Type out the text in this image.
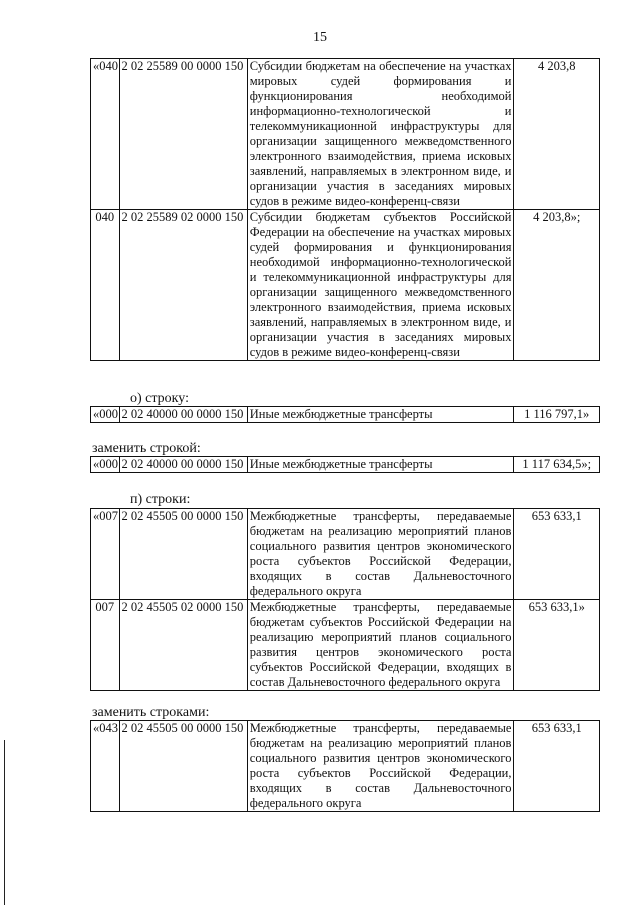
15
«040	2 02 25589 00 0000 150	Субсидии бюджетам на обеспечение на участках мировых судей формирования и функционирования необходимой информационно-технологической и телекоммуникационной инфраструктуры для организации защищенного межведомственного электронного взаимодействия, приема исковых заявлений, направляемых в электронном виде, и организации участия в заседаниях мировых судов в режиме видео-конференц-связи	4 203,8
040	2 02 25589 02 0000 150	Субсидии бюджетам субъектов Российской Федерации на обеспечение на участках мировых судей формирования и функционирования необходимой информационно-технологической и телекоммуникационной инфраструктуры для организации защищенного межведомственного электронного взаимодействия, приема исковых заявлений, направляемых в электронном виде, и организации участия в заседаниях мировых судов в режиме видео-конференц-связи	4 203,8»;
о) строку:
«000	2 02 40000 00 0000 150	Иные межбюджетные трансферты	1 116 797,1»
заменить строкой:
«000	2 02 40000 00 0000 150	Иные межбюджетные трансферты	1 117 634,5»;
п) строки:
«007	2 02 45505 00 0000 150	Межбюджетные трансферты, передаваемые бюджетам на реализацию мероприятий планов социального развития центров экономического роста субъектов Российской Федерации, входящих в состав Дальневосточного федерального округа	653 633,1
007	2 02 45505 02 0000 150	Межбюджетные трансферты, передаваемые бюджетам субъектов Российской Федерации на реализацию мероприятий планов социального развития центров экономического роста субъектов Российской Федерации, входящих в состав Дальневосточного федерального округа	653 633,1»
заменить строками:
«043	2 02 45505 00 0000 150	Межбюджетные трансферты, передаваемые бюджетам на реализацию мероприятий планов социального развития центров экономического роста субъектов Российской Федерации, входящих в состав Дальневосточного федерального округа	653 633,1
